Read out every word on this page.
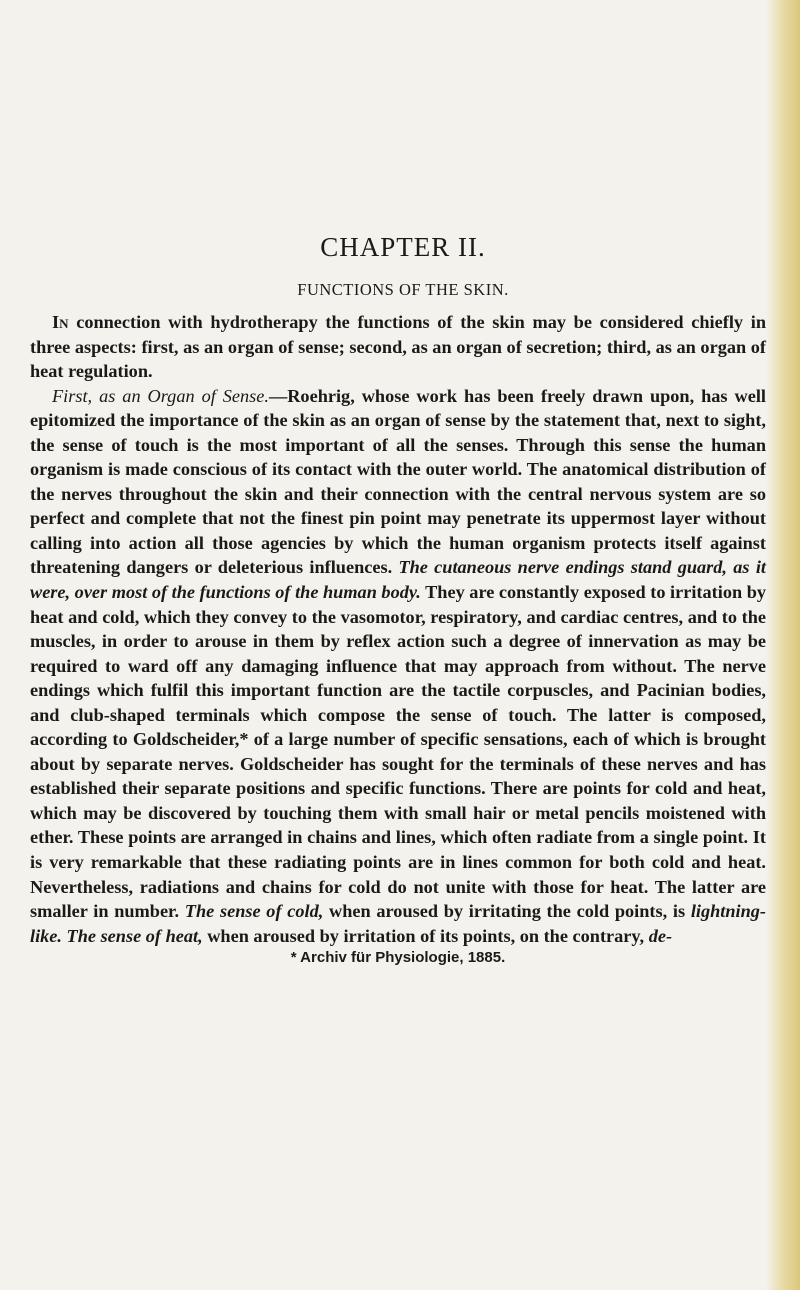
CHAPTER II.
FUNCTIONS OF THE SKIN.

In connection with hydrotherapy the functions of the skin may be considered chiefly in three aspects: first, as an organ of sense; second, as an organ of secretion; third, as an organ of heat regulation.

First, as an Organ of Sense.—Roehrig, whose work has been freely drawn upon, has well epitomized the importance of the skin as an organ of sense by the statement that, next to sight, the sense of touch is the most important of all the senses. Through this sense the human organism is made conscious of its contact with the outer world. The anatomical distribution of the nerves throughout the skin and their connection with the central nervous system are so perfect and complete that not the finest pin point may penetrate its uppermost layer without calling into action all those agencies by which the human organism protects itself against threatening dangers or deleterious influences. The cutaneous nerve endings stand guard, as it were, over most of the functions of the human body. They are constantly exposed to irritation by heat and cold, which they convey to the vasomotor, respiratory, and cardiac centres, and to the muscles, in order to arouse in them by reflex action such a degree of innervation as may be required to ward off any damaging influence that may approach from without. The nerve endings which fulfil this important function are the tactile corpuscles, and Pacinian bodies, and club-shaped terminals which compose the sense of touch. The latter is composed, according to Goldscheider,* of a large number of specific sensations, each of which is brought about by separate nerves. Goldscheider has sought for the terminals of these nerves and has established their separate positions and specific functions. There are points for cold and heat, which may be discovered by touching them with small hair or metal pencils moistened with ether. These points are arranged in chains and lines, which often radiate from a single point. It is very remarkable that these radiating points are in lines common for both cold and heat. Nevertheless, radiations and chains for cold do not unite with those for heat. The latter are smaller in number. The sense of cold, when aroused by irritating the cold points, is lightning-like. The sense of heat, when aroused by irritation of its points, on the contrary, de-

* Archiv für Physiologie, 1885.
